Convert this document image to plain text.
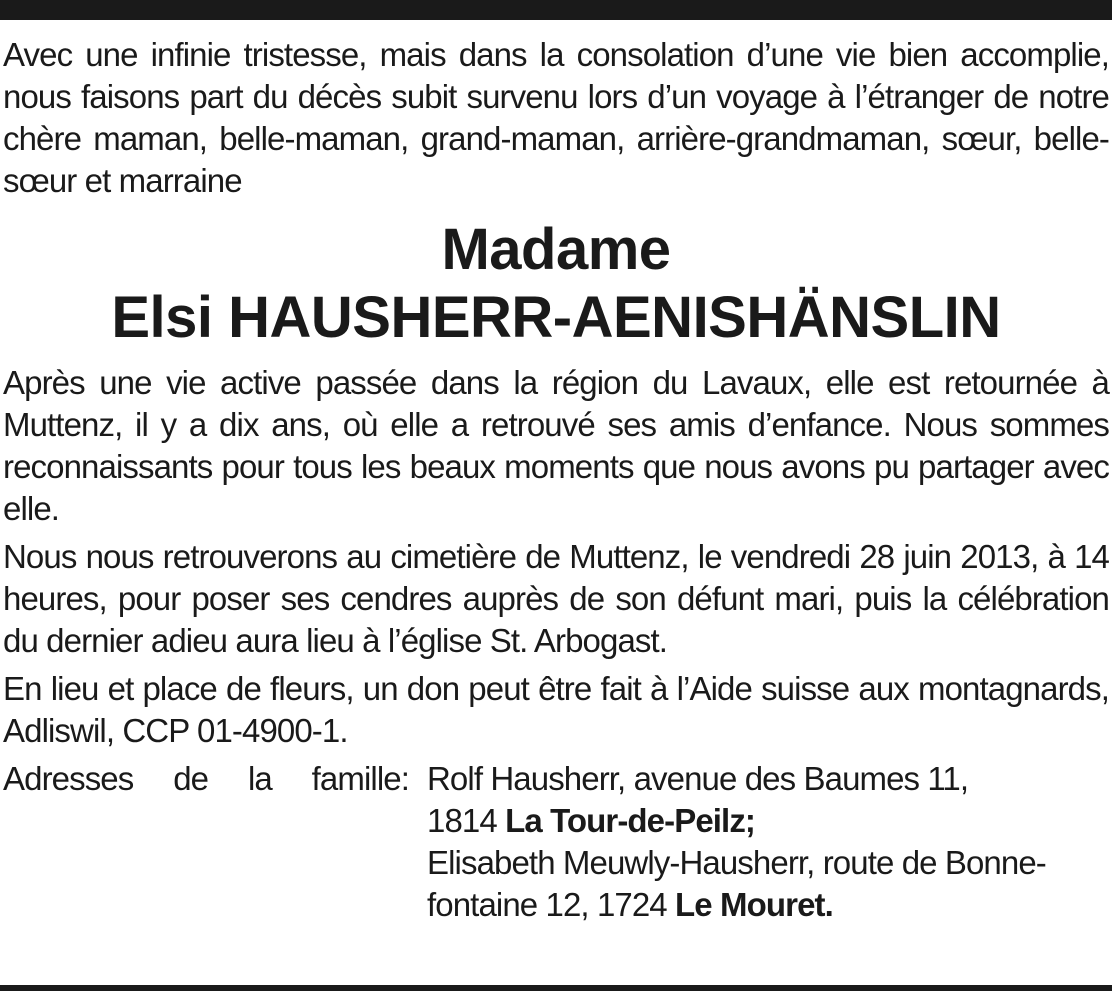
Avec une infinie tristesse, mais dans la consolation d’une vie bien accomplie, nous faisons part du décès subit survenu lors d’un voyage à l’étranger de notre chère maman, belle-maman, grand-maman, arrière-grandmaman, sœur, belle-sœur et marraine

Madame
Elsi HAUSHERR-AENISHÄNSLIN

Après une vie active passée dans la région du Lavaux, elle est retournée à Muttenz, il y a dix ans, où elle a retrouvé ses amis d’enfance. Nous sommes reconnaissants pour tous les beaux moments que nous avons pu partager avec elle.

Nous nous retrouverons au cimetière de Muttenz, le vendredi 28 juin 2013, à 14 heures, pour poser ses cendres auprès de son défunt mari, puis la célébration du dernier adieu aura lieu à l’église St. Arbogast.

En lieu et place de fleurs, un don peut être fait à l’Aide suisse aux montagnards, Adliswil, CCP 01-4900-1.

Adresses de la famille: Rolf Hausherr, avenue des Baumes 11,
1814 La Tour-de-Peilz;
Elisabeth Meuwly-Hausherr, route de Bonne-
fontaine 12, 1724 Le Mouret.
